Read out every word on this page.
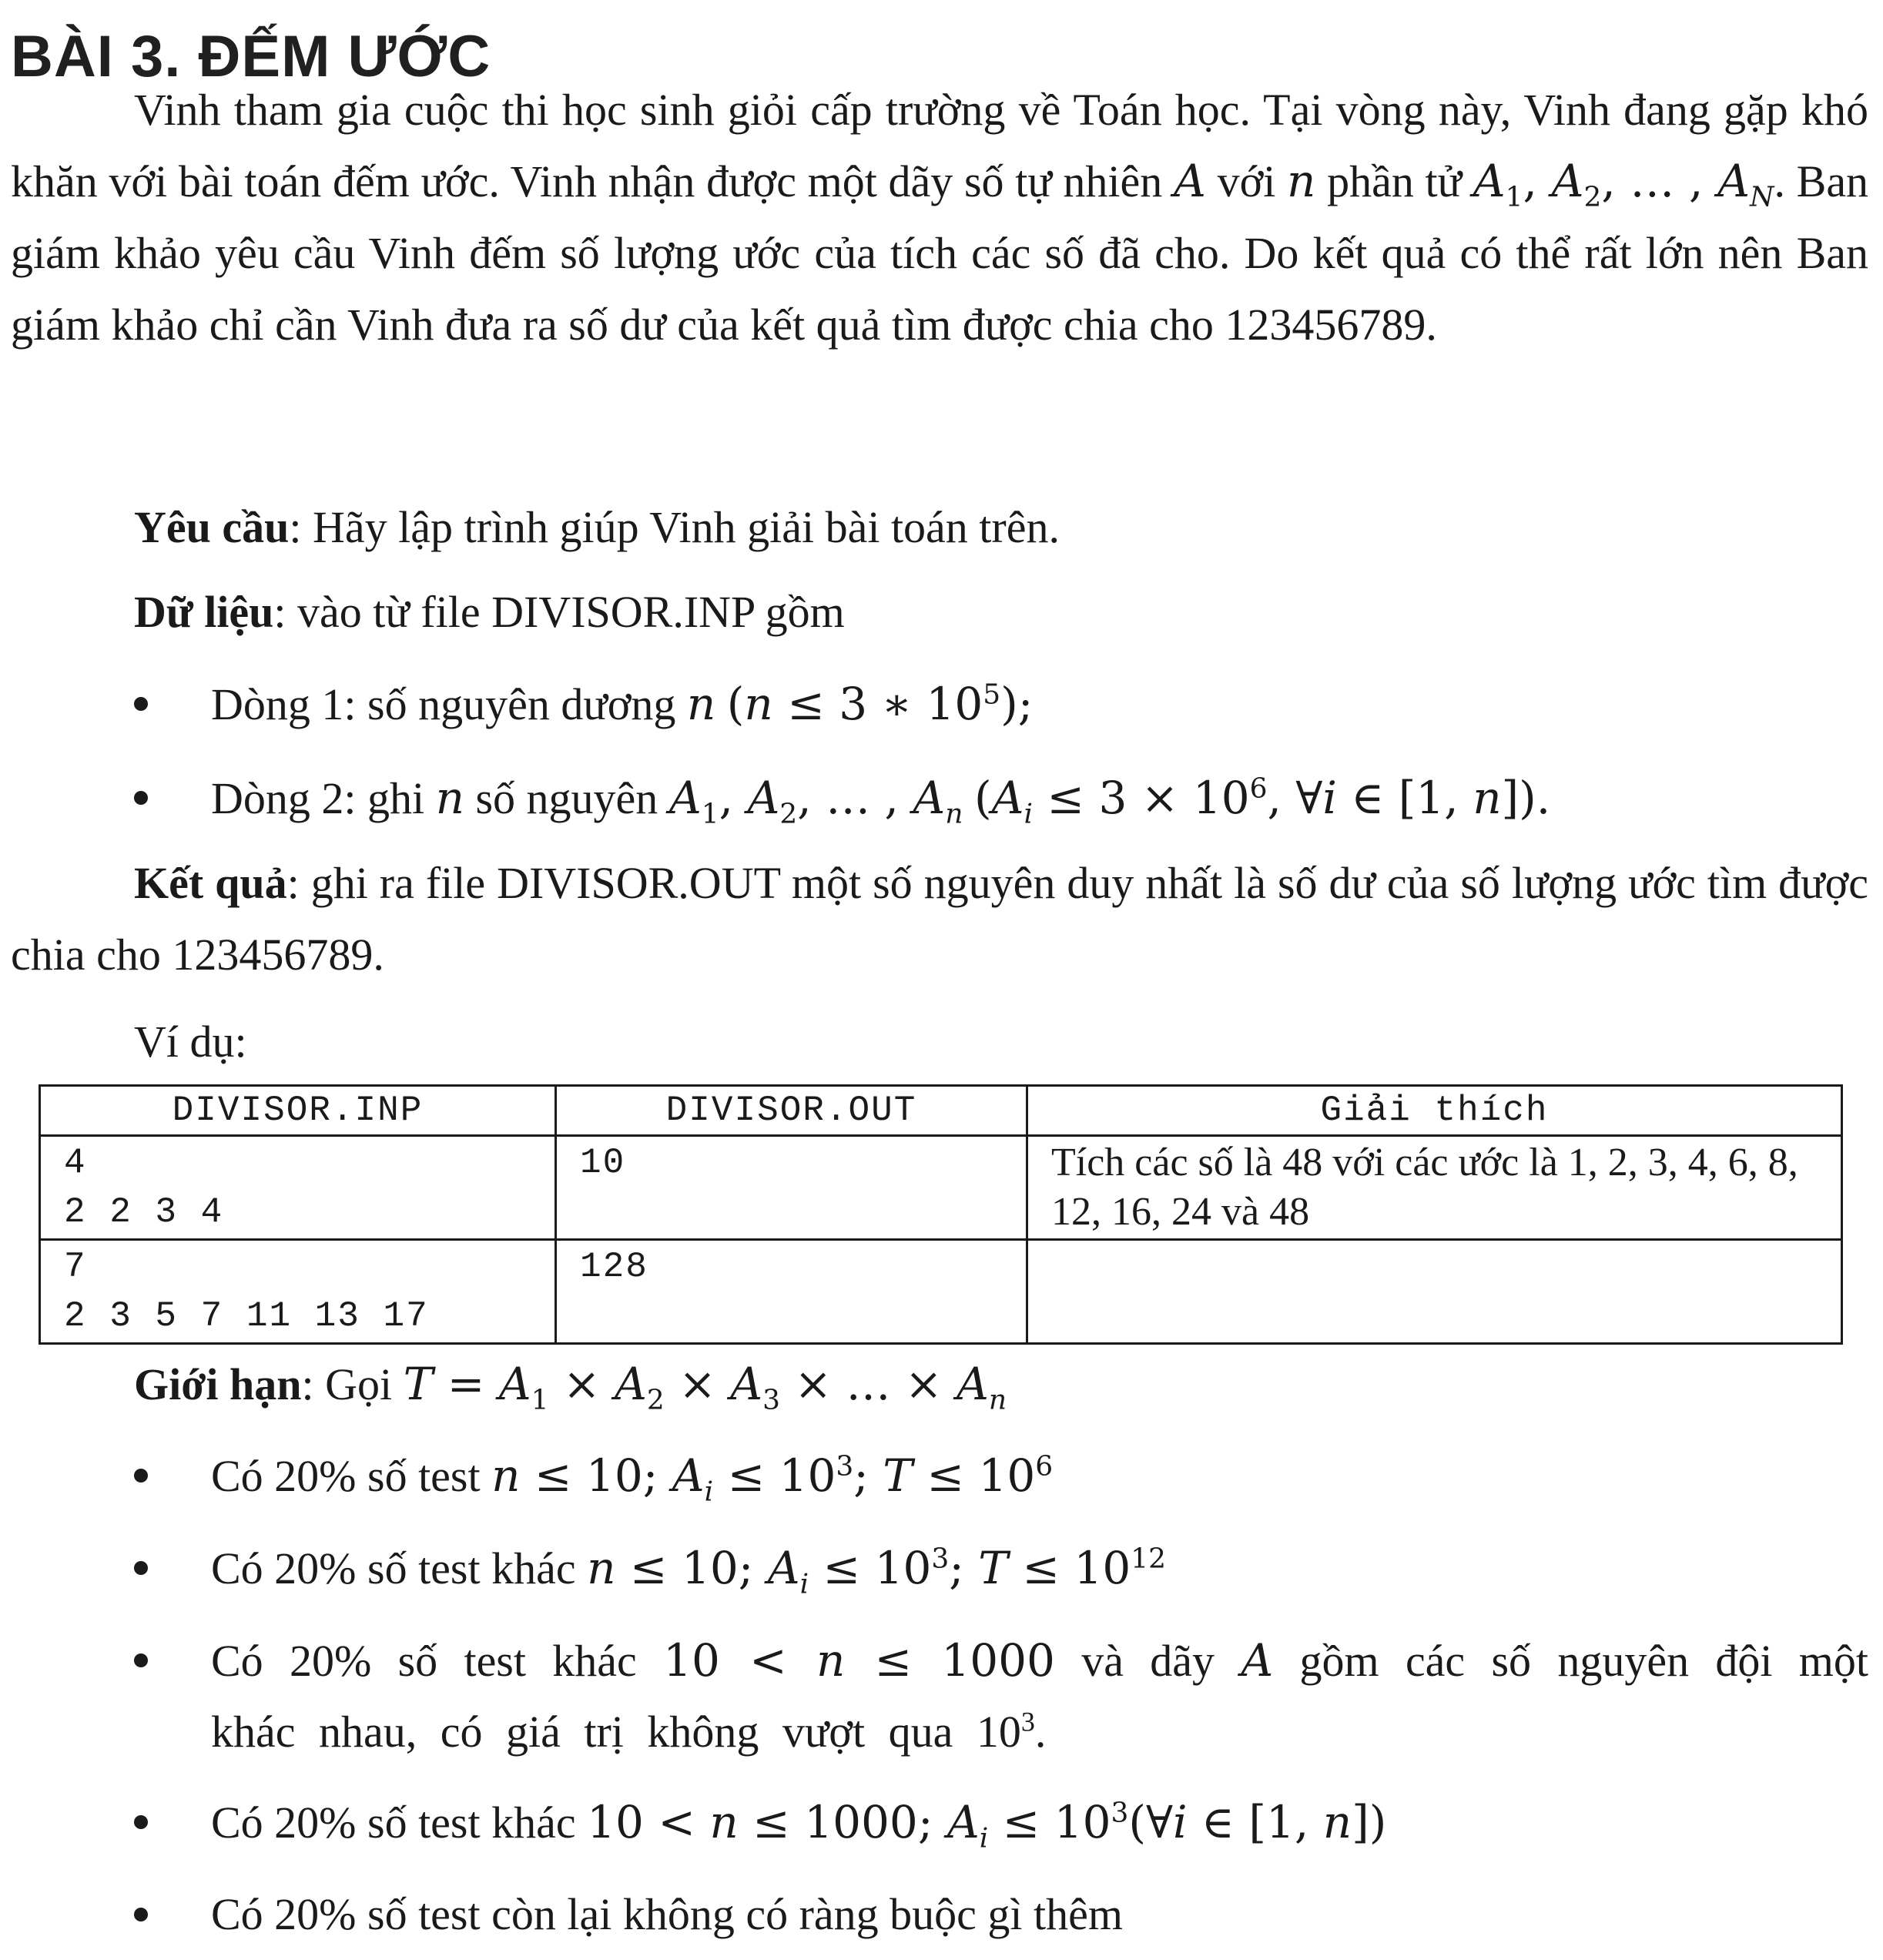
BÀI 3. ĐẾM ƯỚC

Vinh tham gia cuộc thi học sinh giỏi cấp trường về Toán học. Tại vòng này, Vinh đang gặp khó khăn với bài toán đếm ước. Vinh nhận được một dãy số tự nhiên A với n phần tử $A_1$, $A_2$, … , $A_N$. Ban giám khảo yêu cầu Vinh đếm số lượng ước của tích các số đã cho. Do kết quả có thể rất lớn nên Ban giám khảo chỉ cần Vinh đưa ra số dư của kết quả tìm được chia cho 123456789.

Yêu cầu: Hãy lập trình giúp Vinh giải bài toán trên.
Dữ liệu: vào từ file DIVISOR.INP gồm
Dòng 1: số nguyên dương n (n ≤ 3 ∗ $10^5$);
Dòng 2: ghi n số nguyên $A_1$, $A_2$, … , $A_n$ ($A_i \le 3 \times 10^6$, ∀i ∈ [1, n]).

Kết quả: ghi ra file DIVISOR.OUT một số nguyên duy nhất là số dư của số lượng ước tìm được chia cho 123456789.

Ví dụ:
DIVISOR.INP	DIVISOR.OUT	Giải thích
4
2 2 3 4	10	Tích các số là 48 với các ước là 1, 2, 3, 4, 6, 8, 12, 16, 24 và 48
7
2 3 5 7 11 13 17	128	
Giới hạn: Gọi $T = A_1 \times A_2 \times A_3$ × … × $A_n$
Có 20% số test n ≤ 10; $A_i \le 10^3$; $T \le 10^6$
Có 20% số test khác n ≤ 10; $A_i \le 10^3$; $T \le 10^{12}$
Có 20% số test khác 10 < n ≤ 1000 và dãy A gồm các số nguyên đội một khác nhau, có giá trị không vượt qua $10^3$.
Có 20% số test khác 10 < n ≤ 1000; $A_i$ ≤ $10^3(\forall i$ ∈ [1, n])
Có 20% số test còn lại không có ràng buộc gì thêm
